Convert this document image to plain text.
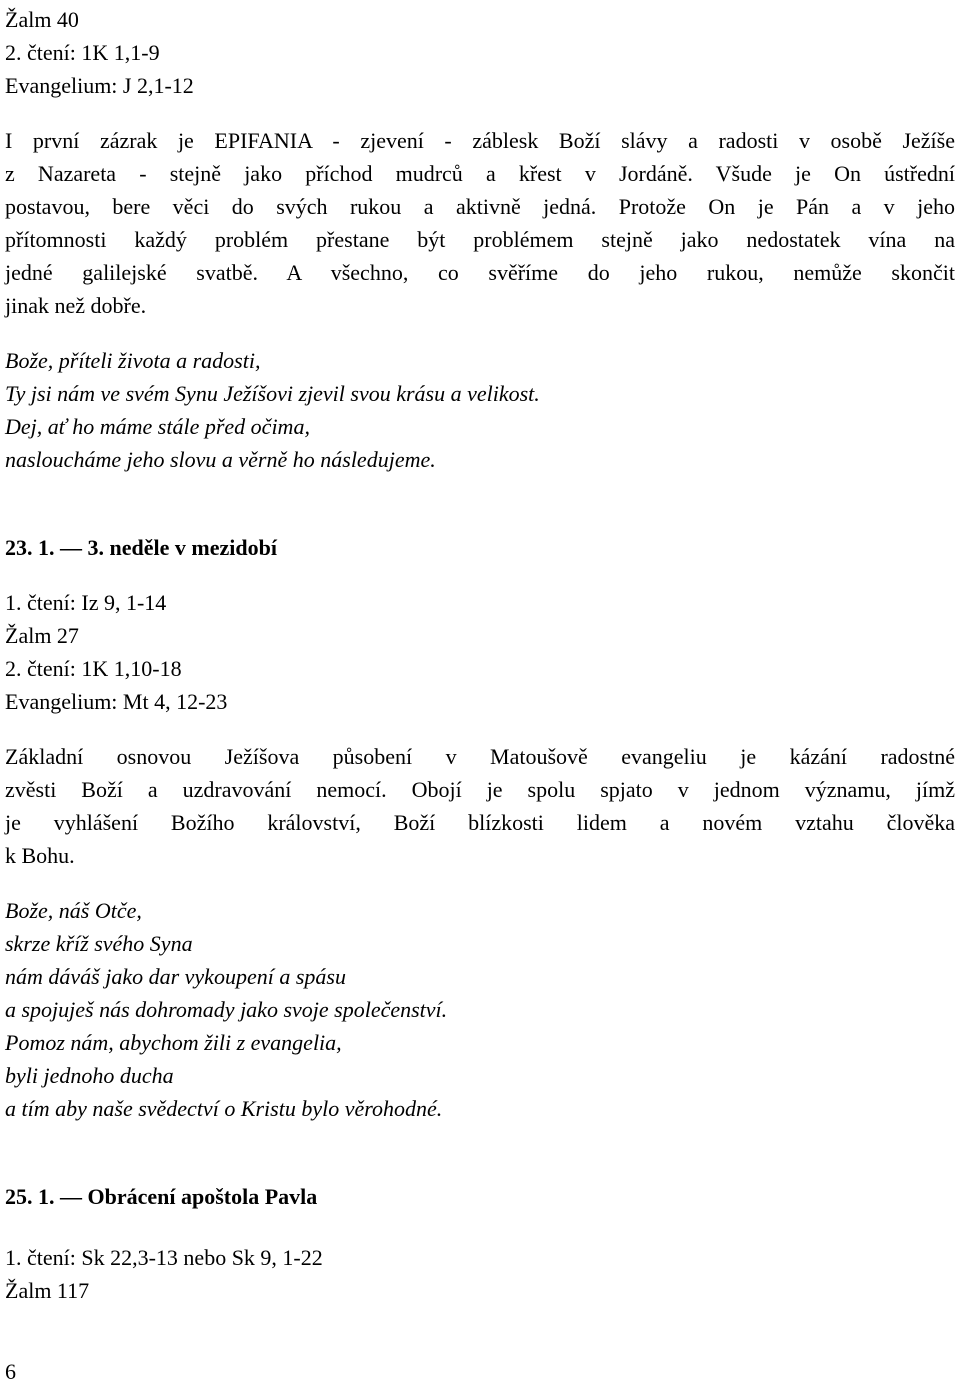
Žalm 40
2. čtení: 1K 1,1-9
Evangelium: J 2,1-12
I první zázrak je EPIFANIA - zjevení - záblesk Boží slávy a radosti v osobě Ježíše
z Nazareta - stejně jako příchod mudrců a křest v Jordáně. Všude je On ústřední
postavou, bere věci do svých rukou a aktivně jedná. Protože On je Pán a v jeho
přítomnosti každý problém přestane být problémem stejně jako nedostatek vína na
jedné galilejské svatbě. A všechno, co svěříme do jeho rukou, nemůže skončit
jinak než dobře.
Bože, příteli života a radosti,
Ty jsi nám ve svém Synu Ježíšovi zjevil svou krásu a velikost.
Dej, ať ho máme stále před očima,
nasloucháme jeho slovu a věrně ho následujeme.
23. 1. — 3. neděle v mezidobí
1. čtení: Iz 9, 1-14
Žalm 27
2. čtení: 1K 1,10-18
Evangelium: Mt 4, 12-23
Základní osnovou Ježíšova působení v Matoušově evangeliu je kázání radostné
zvěsti Boží a uzdravování nemocí. Obojí je spolu spjato v jednom významu, jímž
je vyhlášení Božího království, Boží blízkosti lidem a novém vztahu člověka
k Bohu.
Bože, náš Otče,
skrze kříž svého Syna
nám dáváš jako dar vykoupení a spásu
a spojuješ nás dohromady jako svoje společenství.
Pomoz nám, abychom žili z evangelia,
byli jednoho ducha
a tím aby naše svědectví o Kristu bylo věrohodné.
25. 1. — Obrácení apoštola Pavla
1. čtení: Sk 22,3-13 nebo Sk 9, 1-22
Žalm 117
6
